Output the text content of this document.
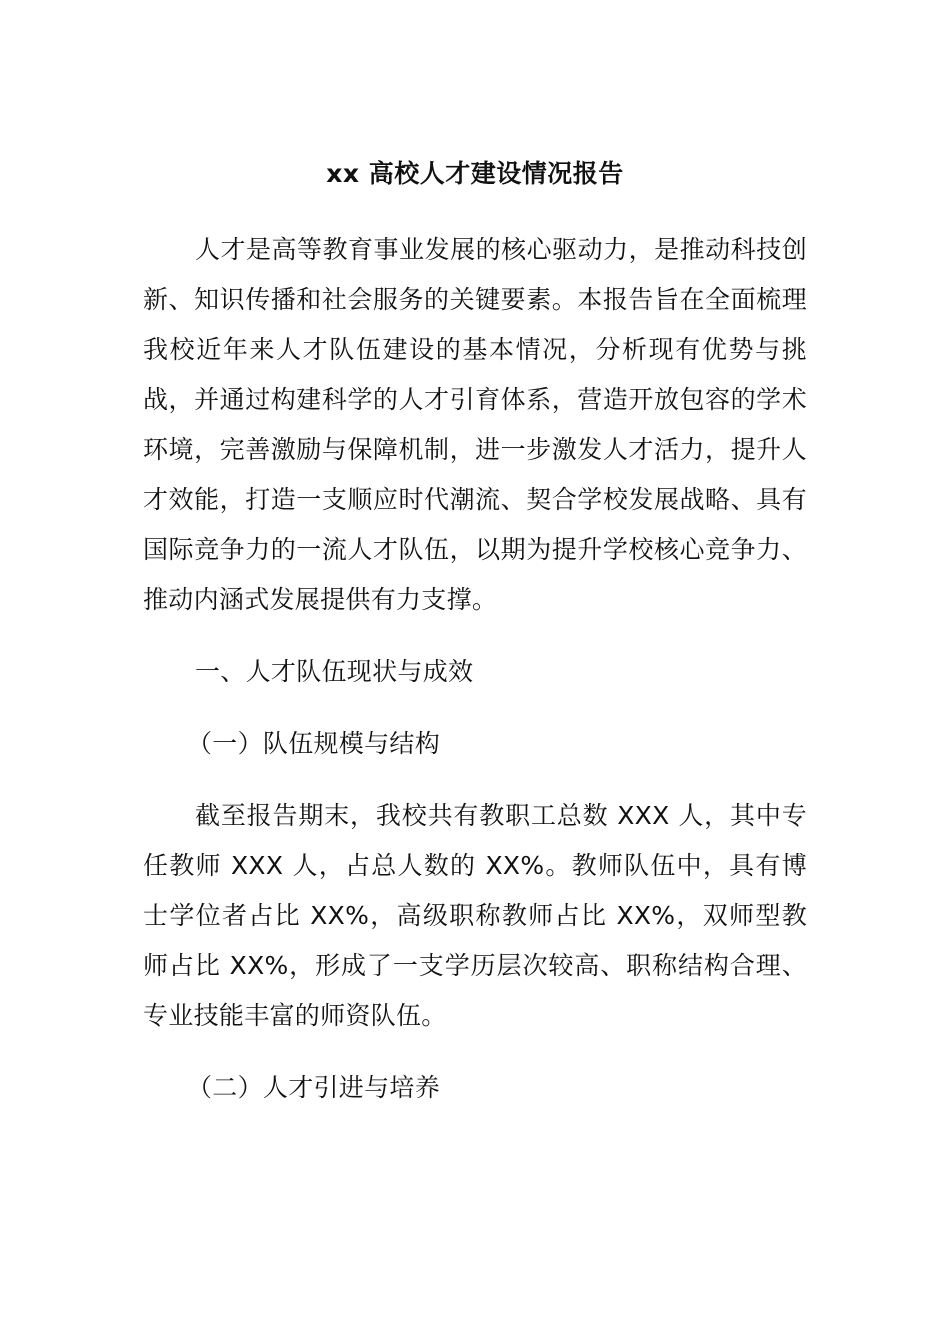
xx 高校人才建设情况报告

人才是高等教育事业发展的核心驱动力，是推动科技创新、知识传播和社会服务的关键要素。本报告旨在全面梳理我校近年来人才队伍建设的基本情况，分析现有优势与挑战，并通过构建科学的人才引育体系，营造开放包容的学术环境，完善激励与保障机制，进一步激发人才活力，提升人才效能，打造一支顺应时代潮流、契合学校发展战略、具有国际竞争力的一流人才队伍，以期为提升学校核心竞争力、推动内涵式发展提供有力支撑。

一、人才队伍现状与成效

（一）队伍规模与结构

截至报告期末，我校共有教职工总数 XXX 人，其中专任教师 XXX 人，占总人数的 XX%。教师队伍中，具有博士学位者占比 XX%，高级职称教师占比 XX%，双师型教师占比 XX%，形成了一支学历层次较高、职称结构合理、专业技能丰富的师资队伍。

（二）人才引进与培养
